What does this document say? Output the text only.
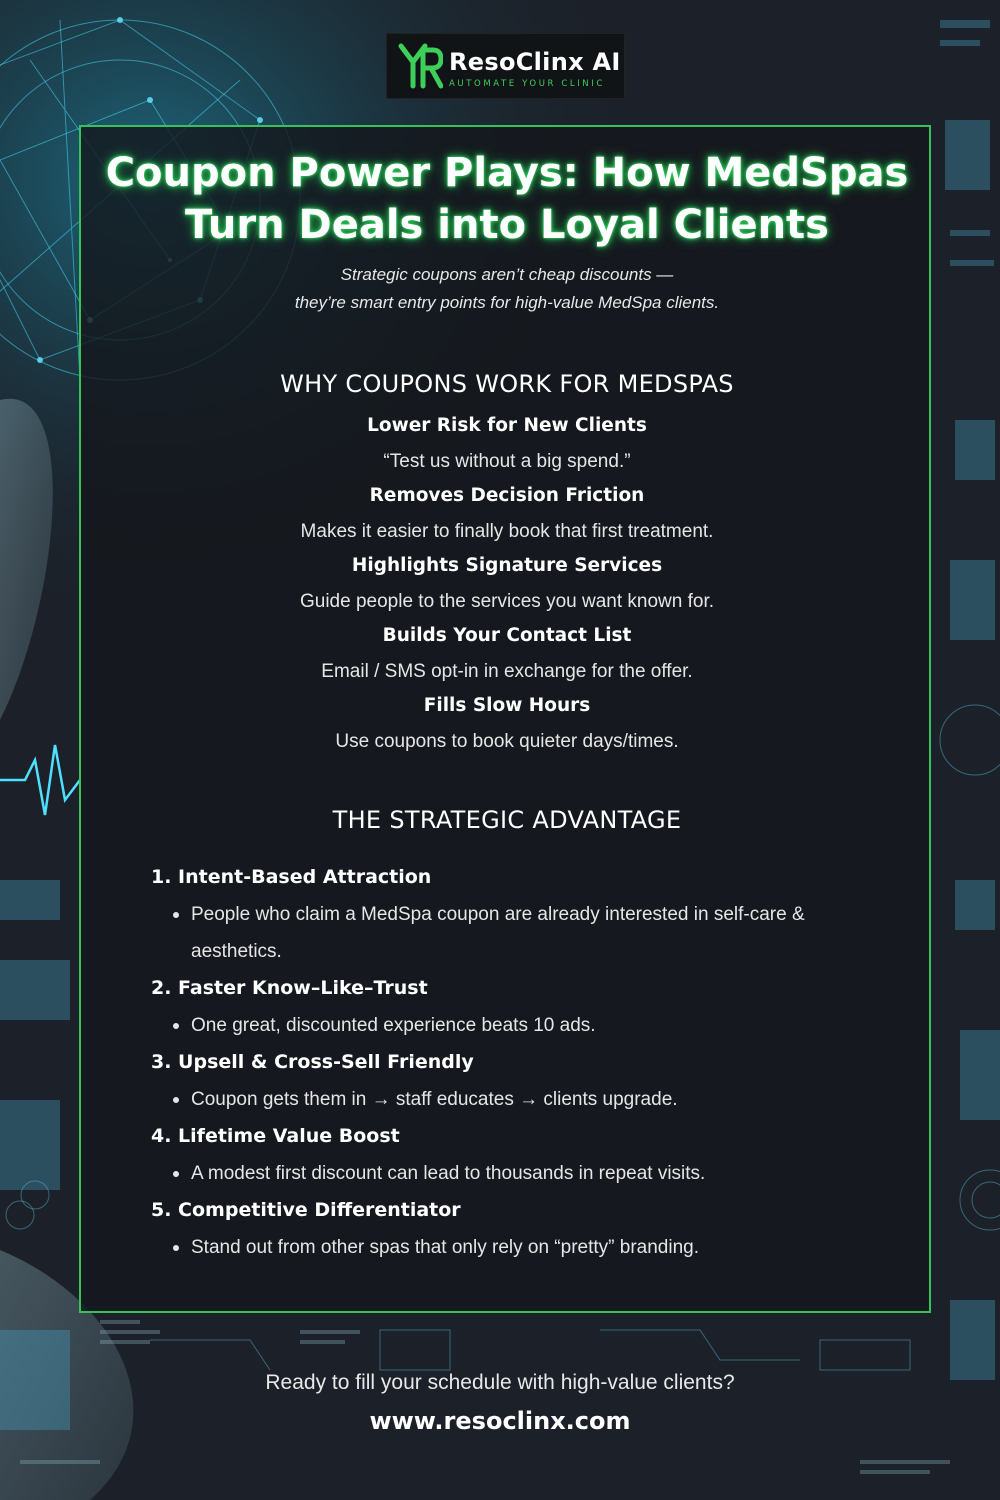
ResoClinx AI
AUTOMATE YOUR CLINIC
Coupon Power Plays: How MedSpas
Turn Deals into Loyal Clients

Strategic coupons aren’t cheap discounts —
they’re smart entry points for high-value MedSpa clients.

WHY COUPONS WORK FOR MEDSPAS
Lower Risk for New Clients
“Test us without a big spend.”
Removes Decision Friction
Makes it easier to finally book that first treatment.
Highlights Signature Services
Guide people to the services you want known for.
Builds Your Contact List
Email / SMS opt-in in exchange for the offer.
Fills Slow Hours
Use coupons to book quieter days/times.
THE STRATEGIC ADVANTAGE
1. Intent-Based Attraction
People who claim a MedSpa coupon are already interested in self-care & aesthetics.
2. Faster Know–Like–Trust
One great, discounted experience beats 10 ads.
3. Upsell & Cross-Sell Friendly
Coupon gets them in → staff educates → clients upgrade.
4. Lifetime Value Boost
A modest first discount can lead to thousands in repeat visits.
5. Competitive Differentiator
Stand out from other spas that only rely on “pretty” branding.

Ready to fill your schedule with high-value clients?

www.resoclinx.com
